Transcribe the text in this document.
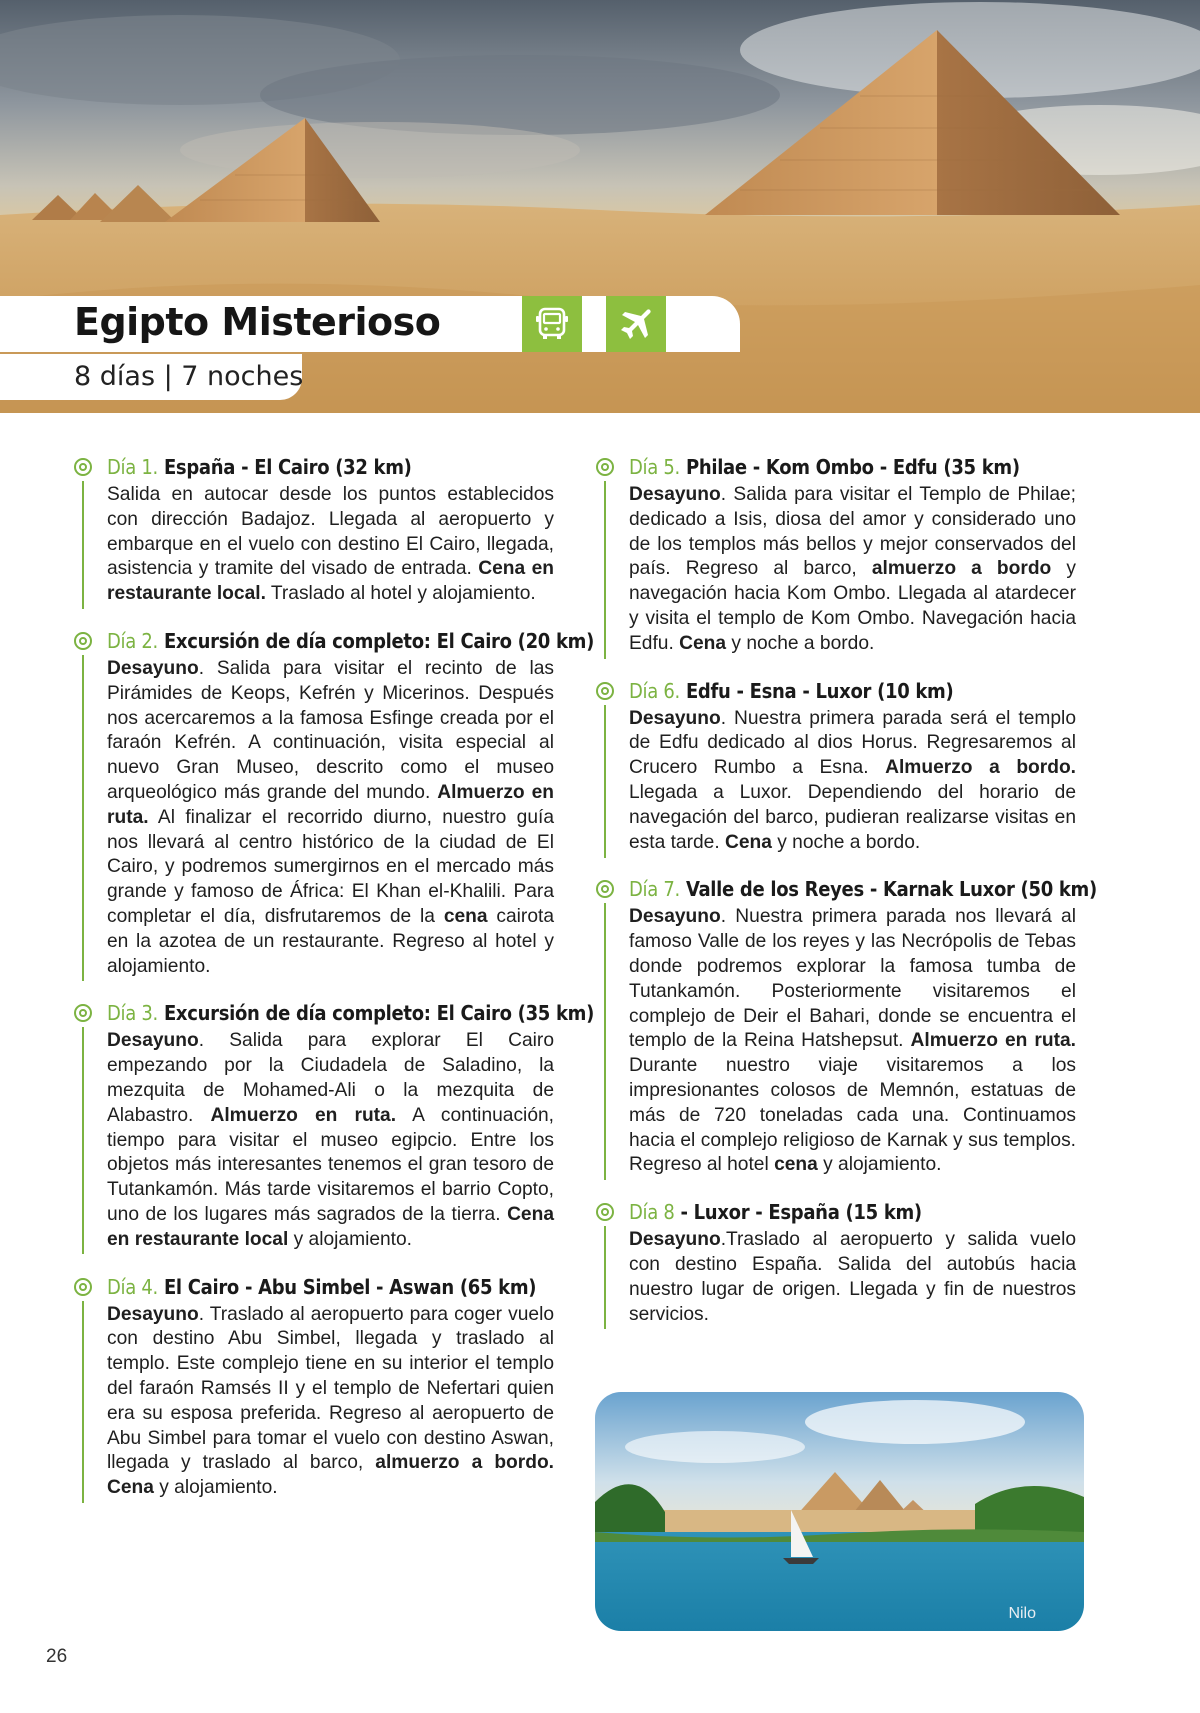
Egipto Misterioso
8 días | 7 noches
Día 1. España - El Cairo (32 km)

Salida en autocar desde los puntos establecidos con dirección Badajoz. Llegada al aeropuerto y embarque en el vuelo con destino El Cairo, llegada, asistencia y tramite del visado de entrada. Cena en restaurante local. Traslado al hotel y alojamiento.

Día 2. Excursión de día completo: El Cairo (20 km)

Desayuno. Salida para visitar el recinto de las Pirámides de Keops, Kefrén y Micerinos. Después nos acercaremos a la famosa Esfinge creada por el faraón Kefrén. A continuación, visita especial al nuevo Gran Museo, descrito como el museo arqueológico más grande del mundo. Almuerzo en ruta. Al finalizar el recorrido diurno, nuestro guía nos llevará al centro histórico de la ciudad de El Cairo, y podremos sumergirnos en el mercado más grande y famoso de África: El Khan el-Khalili. Para completar el día, disfrutaremos de la cena cairota en la azotea de un restaurante. Regreso al hotel y alojamiento.

Día 3. Excursión de día completo: El Cairo (35 km)

Desayuno. Salida para explorar El Cairo empezando por la Ciudadela de Saladino, la mezquita de Mohamed-Ali o la mezquita de Alabastro. Almuerzo en ruta. A continuación, tiempo para visitar el museo egipcio. Entre los objetos más interesantes tenemos el gran tesoro de Tutankamón. Más tarde visitaremos el barrio Copto, uno de los lugares más sagrados de la tierra. Cena en restaurante local y alojamiento.

Día 4. El Cairo - Abu Simbel - Aswan (65 km)

Desayuno. Traslado al aeropuerto para coger vuelo con destino Abu Simbel, llegada y traslado al templo. Este complejo tiene en su interior el templo del faraón Ramsés II y el templo de Nefertari quien era su esposa preferida. Regreso al aeropuerto de Abu Simbel para tomar el vuelo con destino Aswan, llegada y traslado al barco, almuerzo a bordo. Cena y alojamiento.

Día 5. Philae - Kom Ombo - Edfu (35 km)

Desayuno. Salida para visitar el Templo de Philae; dedicado a Isis, diosa del amor y considerado uno de los templos más bellos y mejor conservados del país. Regreso al barco, almuerzo a bordo y navegación hacia Kom Ombo. Llegada al atardecer y visita el templo de Kom Ombo. Navegación hacia Edfu. Cena y noche a bordo.

Día 6. Edfu - Esna - Luxor (10 km)

Desayuno. Nuestra primera parada será el templo de Edfu dedicado al dios Horus. Regresaremos al Crucero Rumbo a Esna. Almuerzo a bordo. Llegada a Luxor. Dependiendo del horario de navegación del barco, pudieran realizarse visitas en esta tarde. Cena y noche a bordo.

Día 7. Valle de los Reyes - Karnak Luxor (50 km)

Desayuno. Nuestra primera parada nos llevará al famoso Valle de los reyes y las Necrópolis de Tebas donde podremos explorar la famosa tumba de Tutankamón. Posteriormente visitaremos el complejo de Deir el Bahari, donde se encuentra el templo de la Reina Hatshepsut. Almuerzo en ruta. Durante nuestro viaje visitaremos a los impresionantes colosos de Memnón, estatuas de más de 720 toneladas cada una. Continuamos hacia el complejo religioso de Karnak y sus templos. Regreso al hotel cena y alojamiento.

Día 8 - Luxor - España (15 km)

Desayuno.Traslado al aeropuerto y salida vuelo con destino España. Salida del autobús hacia nuestro lugar de origen. Llegada y fin de nuestros servicios.

Nilo
26
